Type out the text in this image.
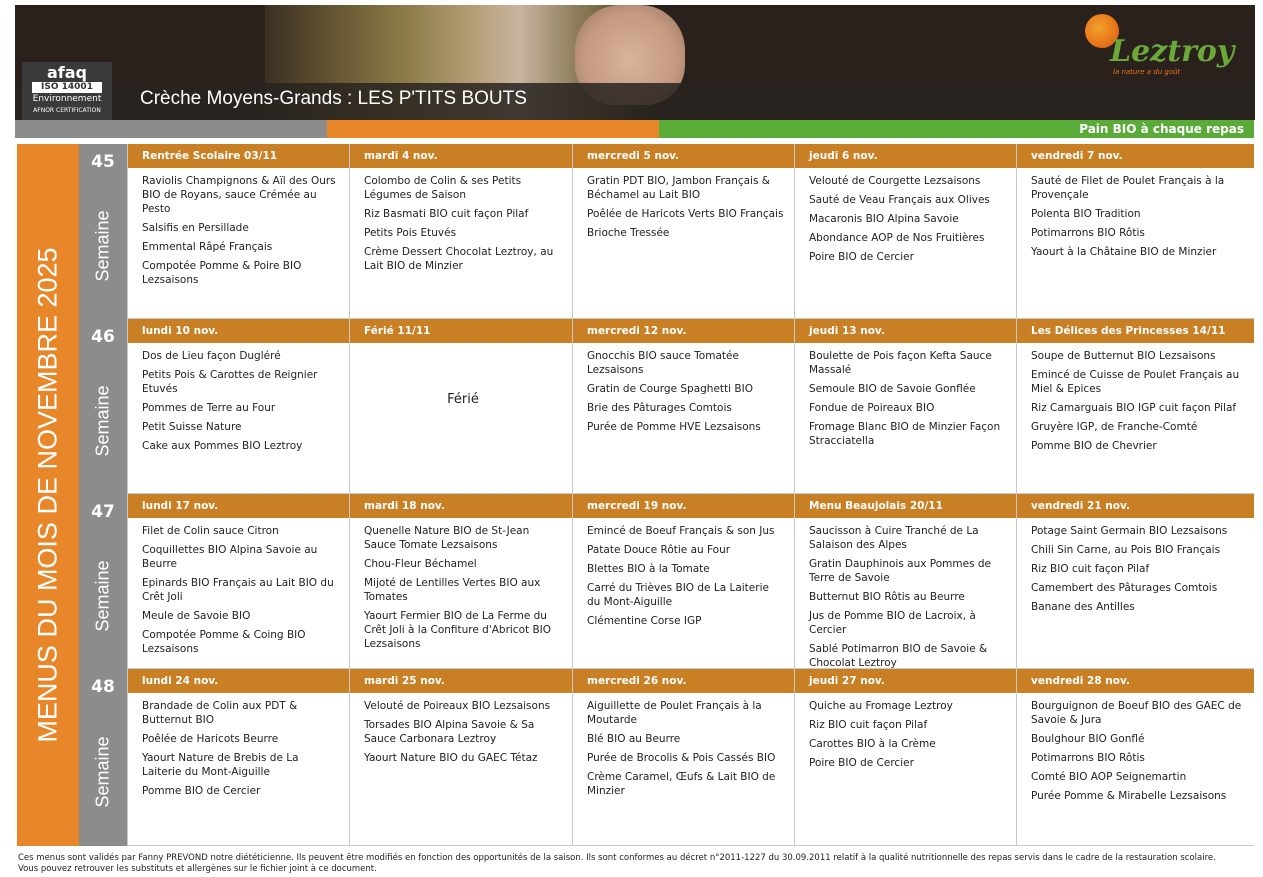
afaq
ISO 14001
Environnement
AFNOR CERTIFICATION
Crèche Moyens-Grands : LES P'TITS BOUTS
Leztroy
la nature a du goût
Pain BIO à chaque repas
MENUS DU MOIS DE NOVEMBRE 2025
45
Semaine
Rentrée Scolaire 03/11
Raviolis Champignons & Aïl des Ours BIO de Royans, sauce Crémée au Pesto
Salsifis en Persillade
Emmental Râpé Français
Compotée Pomme & Poire BIO Lezsaisons
mardi 4 nov.
Colombo de Colin & ses Petits Légumes de Saison
Riz Basmati BIO cuit façon Pilaf
Petits Pois Etuvés
Crème Dessert Chocolat Leztroy, au Lait BIO de Minzier
mercredi 5 nov.
Gratin PDT BIO, Jambon Français & Béchamel au Lait BIO
Poêlée de Haricots Verts BIO Français
Brioche Tressée
jeudi 6 nov.
Velouté de Courgette Lezsaisons
Sauté de Veau Français aux Olives
Macaronis BIO Alpina Savoie
Abondance AOP de Nos Fruitières
Poire BIO de Cercier
vendredi 7 nov.
Sauté de Filet de Poulet Français à la Provençale
Polenta BIO Tradition
Potimarrons BIO Rôtis
Yaourt à la Châtaine BIO de Minzier
46
Semaine
lundi 10 nov.
Dos de Lieu façon Dugléré
Petits Pois & Carottes de Reignier Etuvés
Pommes de Terre au Four
Petit Suisse Nature
Cake aux Pommes BIO Leztroy
Férié 11/11
Férié
mercredi 12 nov.
Gnocchis BIO sauce Tomatée Lezsaisons
Gratin de Courge Spaghetti BIO
Brie des Pâturages Comtois
Purée de Pomme HVE Lezsaisons
jeudi 13 nov.
Boulette de Pois façon Kefta Sauce Massalé
Semoule BIO de Savoie Gonflée
Fondue de Poireaux BIO
Fromage Blanc BIO de Minzier Façon Stracciatella
Les Délices des Princesses 14/11
Soupe de Butternut BIO Lezsaisons
Emincé de Cuisse de Poulet Français au Miel & Epices
Riz Camarguais BIO IGP cuit façon Pilaf
Gruyère IGP, de Franche-Comté
Pomme BIO de Chevrier
47
Semaine
lundi 17 nov.
Filet de Colin sauce Citron
Coquillettes BIO Alpina Savoie au Beurre
Epinards BIO Français au Lait BIO du Crêt Joli
Meule de Savoie BIO
Compotée Pomme & Coing BIO Lezsaisons
mardi 18 nov.
Quenelle Nature BIO de St-Jean Sauce Tomate Lezsaisons
Chou-Fleur Béchamel
Mijoté de Lentilles Vertes BIO aux Tomates
Yaourt Fermier BIO de La Ferme du Crêt Joli à la Confiture d'Abricot BIO Lezsaisons
mercredi 19 nov.
Emincé de Boeuf Français & son Jus
Patate Douce Rôtie au Four
Blettes BIO à la Tomate
Carré du Trièves BIO de La Laiterie du Mont-Aiguille
Clémentine Corse IGP
Menu Beaujolais 20/11
Saucisson à Cuire Tranché de La Salaison des Alpes
Gratin Dauphinois aux Pommes de Terre de Savoie
Butternut BIO Rôtis au Beurre
Jus de Pomme BIO de Lacroix, à Cercier
Sablé Potimarron BIO de Savoie & Chocolat Leztroy
vendredi 21 nov.
Potage Saint Germain BIO Lezsaisons
Chili Sin Carne, au Pois BIO Français
Riz BIO cuit façon Pilaf
Camembert des Pâturages Comtois
Banane des Antilles
48
Semaine
lundi 24 nov.
Brandade de Colin aux PDT & Butternut BIO
Poêlée de Haricots Beurre
Yaourt Nature de Brebis de La Laiterie du Mont-Aiguille
Pomme BIO de Cercier
mardi 25 nov.
Velouté de Poireaux BIO Lezsaisons
Torsades BIO Alpina Savoie & Sa Sauce Carbonara Leztroy
Yaourt Nature BIO du GAEC Tétaz
mercredi 26 nov.
Aiguillette de Poulet Français à la Moutarde
Blé BIO au Beurre
Purée de Brocolis & Pois Cassés BIO
Crème Caramel, Œufs & Lait BIO de Minzier
jeudi 27 nov.
Quiche au Fromage Leztroy
Riz BIO cuit façon Pilaf
Carottes BIO à la Crème
Poire BIO de Cercier
vendredi 28 nov.
Bourguignon de Boeuf BIO des GAEC de Savoie & Jura
Boulghour BIO Gonflé
Potimarrons BIO Rôtis
Comté BIO AOP Seignemartin
Purée Pomme & Mirabelle Lezsaisons
Ces menus sont validés par Fanny PREVOND notre diététicienne. Ils peuvent être modifiés en fonction des opportunités de la saison. Ils sont conformes au décret n°2011-1227 du 30.09.2011 relatif à la qualité nutritionnelle des repas servis dans le cadre de la restauration scolaire.
Vous pouvez retrouver les substituts et allergènes sur le fichier joint à ce document.
